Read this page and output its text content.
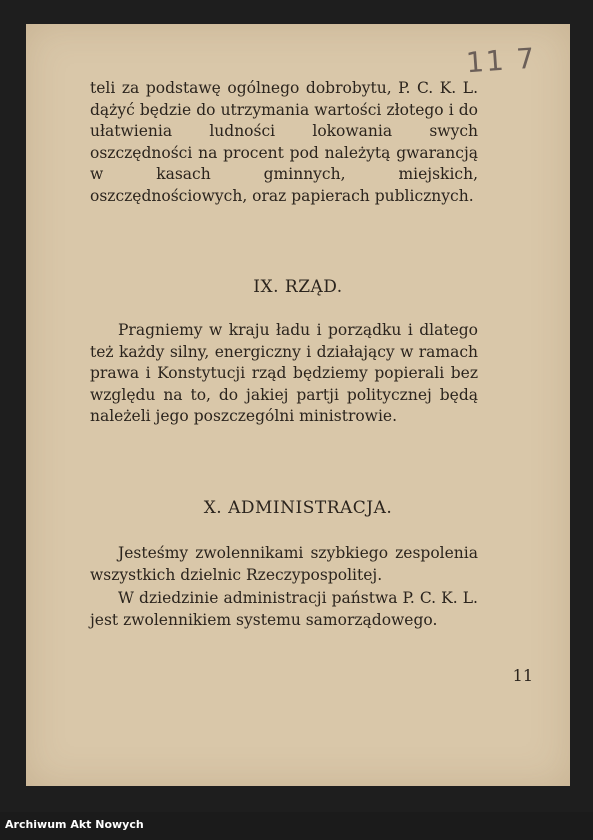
11 7
teli za podstawę ogólnego dobrobytu, P. C. K. L. dążyć będzie do utrzymania wartości złotego i do ułatwienia ludności lokowania swych oszczędności na procent pod należytą gwarancją w kasach gminnych, miejskich, oszczędnościowych, oraz papierach publicznych.
IX. RZĄD.
Pragniemy w kraju ładu i porządku i dlatego też każdy silny, energiczny i działający w ramach prawa i Konstytucji rząd będziemy popierali bez względu na to, do jakiej partji politycznej będą należeli jego poszczególni ministrowie.
X. ADMINISTRACJA.
Jesteśmy zwolennikami szybkiego zespolenia wszystkich dzielnic Rzeczypospolitej.
W dziedzinie administracji państwa P. C. K. L. jest zwolennikiem systemu samorządowego.
11
Archiwum Akt Nowych
